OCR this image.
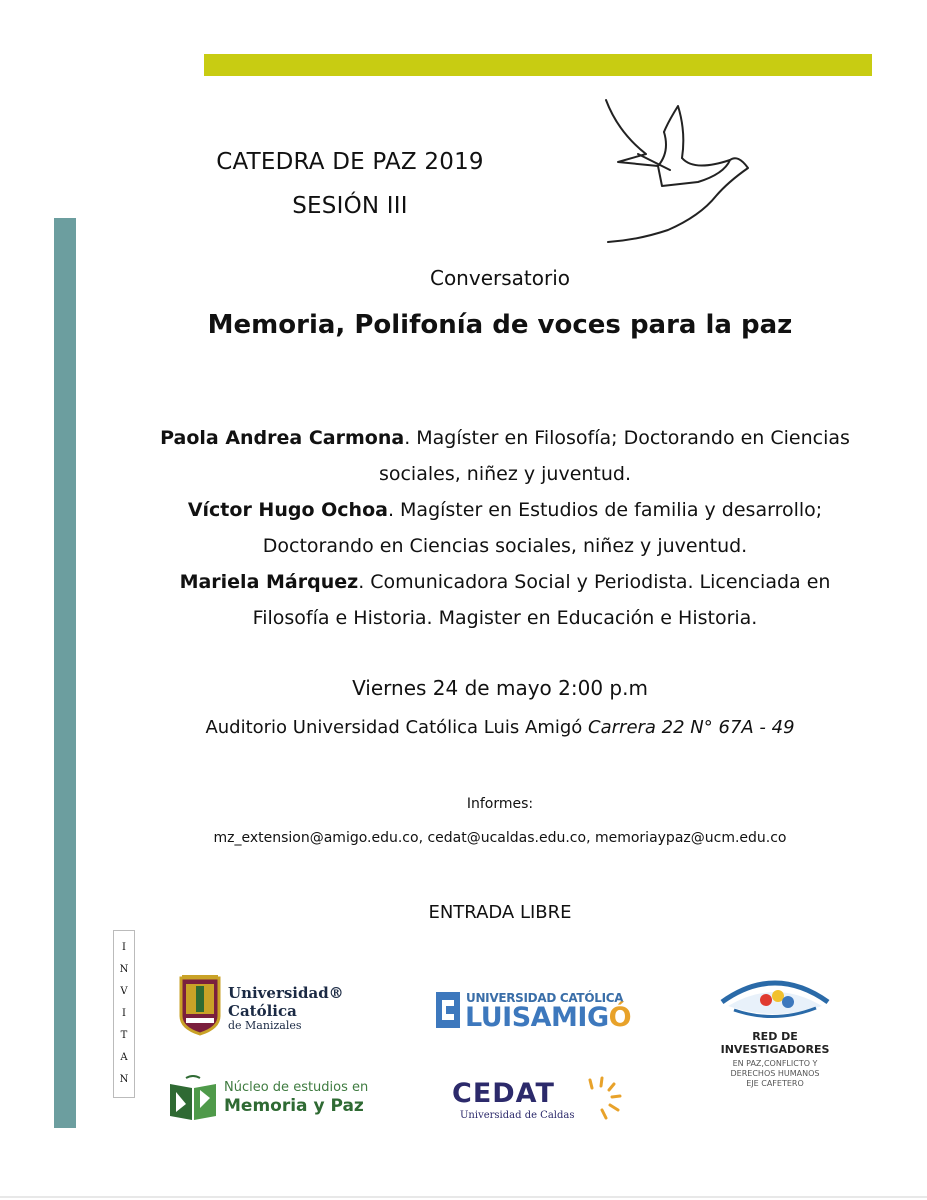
CATEDRA DE PAZ 2019
SESIÓN III
Conversatorio
Memoria, Polifonía de voces para la paz
Paola Andrea Carmona. Magíster en Filosofía; Doctorando en Ciencias sociales, niñez y juventud.
Víctor Hugo Ochoa. Magíster en Estudios de familia y desarrollo; Doctorando en Ciencias sociales, niñez y juventud.
Mariela Márquez. Comunicadora Social y Periodista. Licenciada en Filosofía e Historia. Magister en Educación e Historia.
Viernes 24 de mayo 2:00 p.m
Auditorio Universidad Católica Luis Amigó Carrera 22 N° 67A - 49
Informes:
mz_extension@amigo.edu.co, cedat@ucaldas.edu.co, memoriaypaz@ucm.edu.co
ENTRADA LIBRE
I
N
V
I
T
A
N
Universidad®
Católica
de Manizales
UNIVERSIDAD CATÓLICA
LUISAMIGÓ
RED DE
INVESTIGADORES
EN PAZ,CONFLICTO Y
DERECHOS HUMANOS
EJE CAFETERO
Núcleo de estudios en
Memoria y Paz	CEDAT
Universidad de Caldas
